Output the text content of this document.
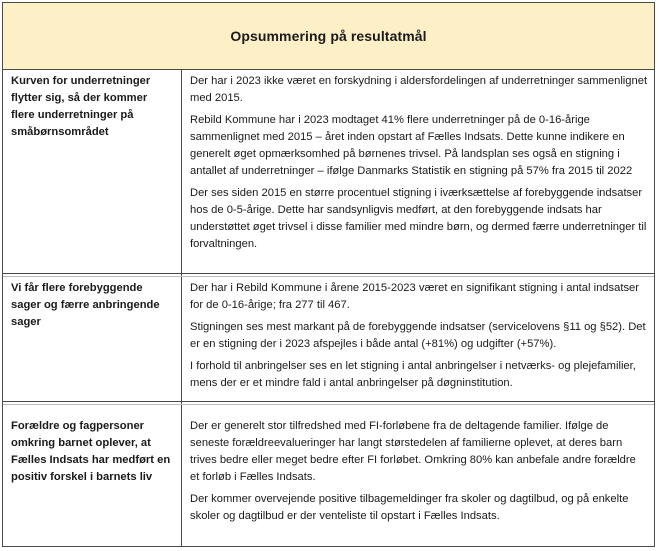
Opsummering på resultatmål
Kurven for underretninger flytter sig, så der kommer flere underretninger på småbørnsområdet

Der har i 2023 ikke været en forskydning i aldersfordelingen af underretninger sammenlignet med 2015.

Rebild Kommune har i 2023 modtaget 41% flere underretninger på de 0-16-årige sammenlignet med 2015 – året inden opstart af Fælles Indsats. Dette kunne indikere en generelt øget opmærksomhed på børnenes trivsel. På landsplan ses også en stigning i antallet af underretninger – ifølge Danmarks Statistik en stigning på 57% fra 2015 til 2022

Der ses siden 2015 en større procentuel stigning i iværksættelse af forebyggende indsatser hos de 0-5-årige. Dette har sandsynligvis medført, at den forebyggende indsats har understøttet øget trivsel i disse familier med mindre børn, og dermed færre underretninger til forvaltningen.

Vi får flere forebyggende sager og færre anbringende sager

Der har i Rebild Kommune i årene 2015-2023 været en signifikant stigning i antal indsatser for de 0-16-årige; fra 277 til 467.

Stigningen ses mest markant på de forebyggende indsatser (servicelovens §11 og §52). Det er en stigning der i 2023 afspejles i både antal (+81%) og udgifter (+57%).

I forhold til anbringelser ses en let stigning i antal anbringelser i netværks- og plejefamilier, mens der er et mindre fald i antal anbringelser på døgninstitution.

Forældre og fagpersoner omkring barnet oplever, at Fælles Indsats har medført en positiv forskel i barnets liv

Der er generelt stor tilfredshed med FI-forløbene fra de deltagende familier. Ifølge de seneste forældreevalueringer har langt størstedelen af familierne oplevet, at deres barn trives bedre eller meget bedre efter FI forløbet. Omkring 80% kan anbefale andre forældre et forløb i Fælles Indsats.

Der kommer overvejende positive tilbagemeldinger fra skoler og dagtilbud, og på enkelte skoler og dagtilbud er der venteliste til opstart i Fælles Indsats.
